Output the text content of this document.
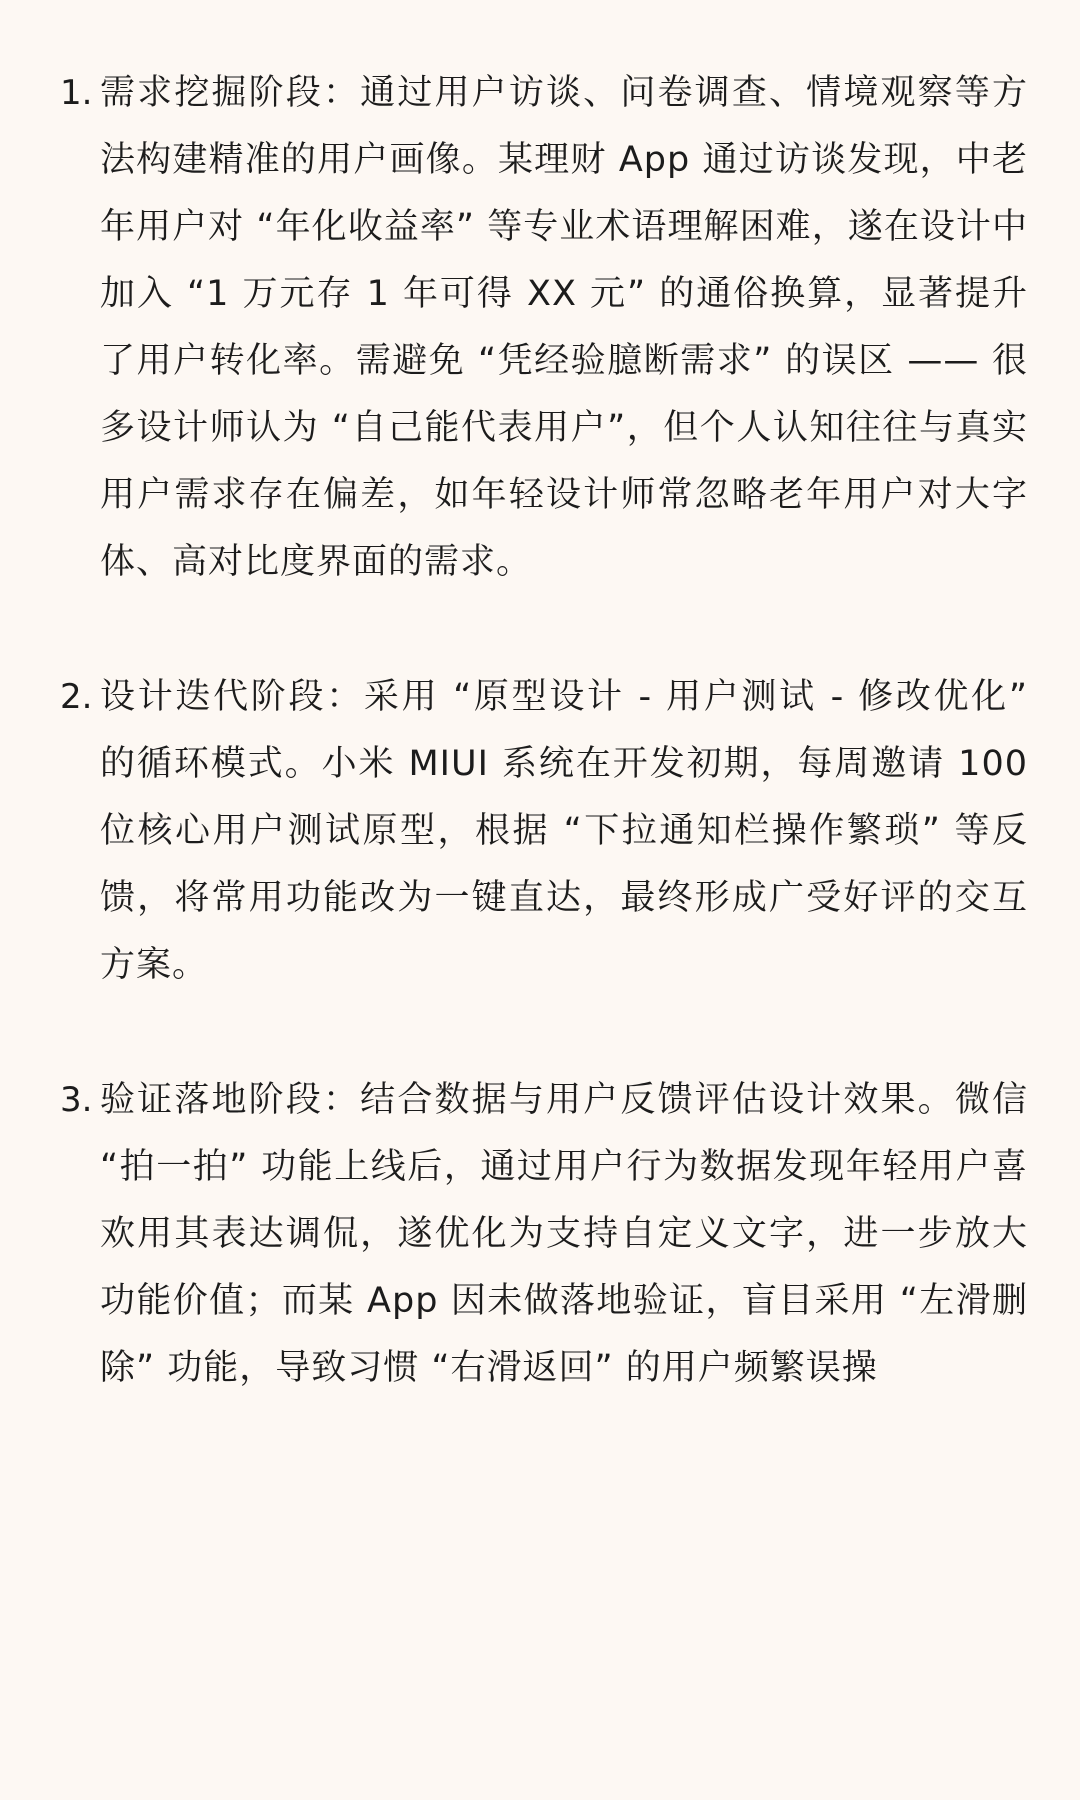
1. 需求挖掘阶段：通过用户访谈、问卷调查、情境观察等方法构建精准的用户画像。某理财 App 通过访谈发现，中老年用户对 “年化收益率” 等专业术语理解困难，遂在设计中加入 “1 万元存 1 年可得 XX 元” 的通俗换算，显著提升了用户转化率。需避免 “凭经验臆断需求” 的误区 —— 很多设计师认为 “自己能代表用户”，但个人认知往往与真实用户需求存在偏差，如年轻设计师常忽略老年用户对大字体、高对比度界面的需求。
2. 设计迭代阶段：采用 “原型设计 - 用户测试 - 修改优化” 的循环模式。小米 MIUI 系统在开发初期，每周邀请 100 位核心用户测试原型，根据 “下拉通知栏操作繁琐” 等反馈，将常用功能改为一键直达，最终形成广受好评的交互方案。
3. 验证落地阶段：结合数据与用户反馈评估设计效果。微信 “拍一拍” 功能上线后，通过用户行为数据发现年轻用户喜欢用其表达调侃，遂优化为支持自定义文字，进一步放大功能价值；而某 App 因未做落地验证，盲目采用 “左滑删除” 功能，导致习惯 “右滑返回” 的用户频繁误操
